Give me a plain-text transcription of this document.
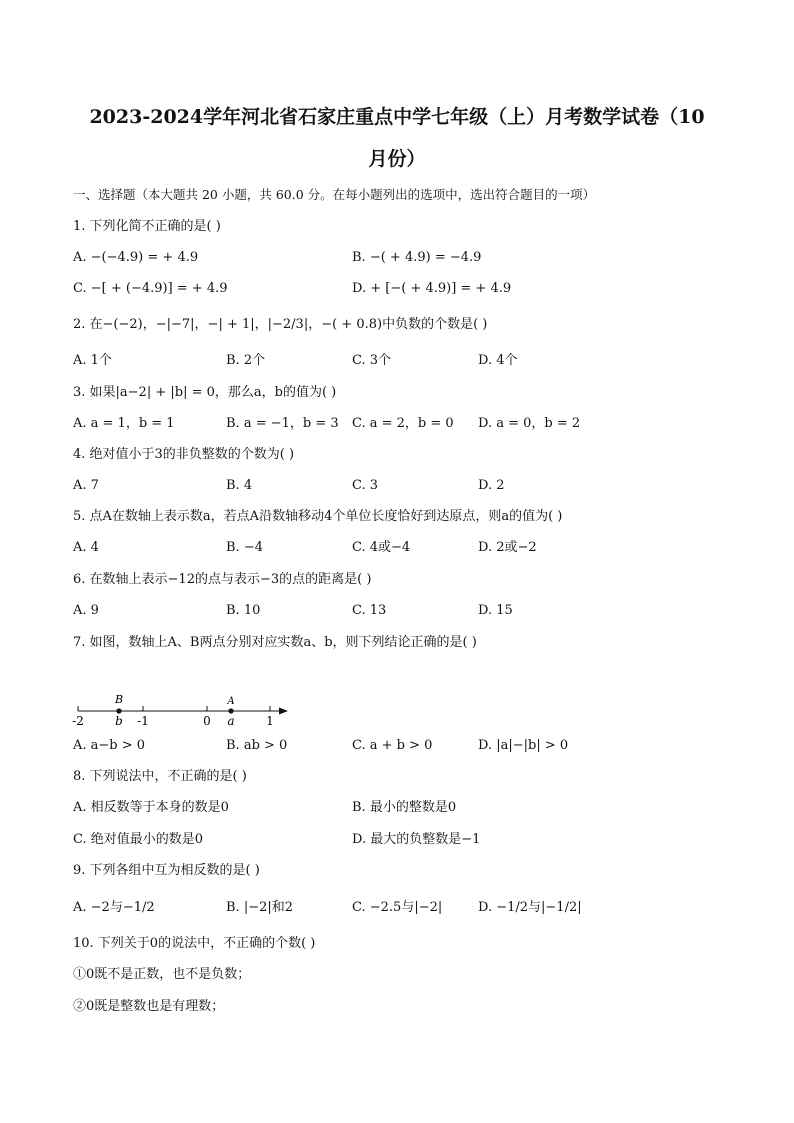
2023-2024学年河北省石家庄重点中学七年级（上）月考数学试卷（10
月份）
一、选择题（本大题共 20 小题，共 60.0 分。在每小题列出的选项中，选出符合题目的一项）
1. 下列化简不正确的是( )
A. −(−4.9) = + 4.9	B. −( + 4.9) = −4.9
C. −[ + (−4.9)] = + 4.9	D. + [−( + 4.9)] = + 4.9
2. 在−(−2)，−|−7|，−| + 1|，|−2/3|，−( + 0.8)中负数的个数是( )
A. 1个	B. 2个	C. 3个	D. 4个
3. 如果|a−2| + |b| = 0，那么a，b的值为( )
A. a = 1，b = 1	B. a = −1，b = 3 C. a = 2，b = 0 D. a = 0，b = 2
4. 绝对值小于3的非负整数的个数为( )
A. 7	B. 4	C. 3	D. 2
5. 点A在数轴上表示数a，若点A沿数轴移动4个单位长度恰好到达原点，则a的值为( )
A. 4	B. −4	C. 4或−4	D. 2或−2
6. 在数轴上表示−12的点与表示−3的点的距离是( )
A. 9	B. 10	C. 13	D. 15
7. 如图，数轴上A、B两点分别对应实数a、b，则下列结论正确的是( )
B	A
-2	b -1	0 a	1
A. a−b > 0	B. ab > 0	C. a + b > 0	D. |a|−|b| > 0
8. 下列说法中，不正确的是( )
A. 相反数等于本身的数是0	B. 最小的整数是0
C. 绝对值最小的数是0	D. 最大的负整数是−1
9. 下列各组中互为相反数的是( )
A. −2与−1/2	B. |−2|和2	C. −2.5与|−2|	D. −1/2与|−1/2|
10. 下列关于0的说法中，不正确的个数( )
①0既不是正数，也不是负数；
②0既是整数也是有理数；
